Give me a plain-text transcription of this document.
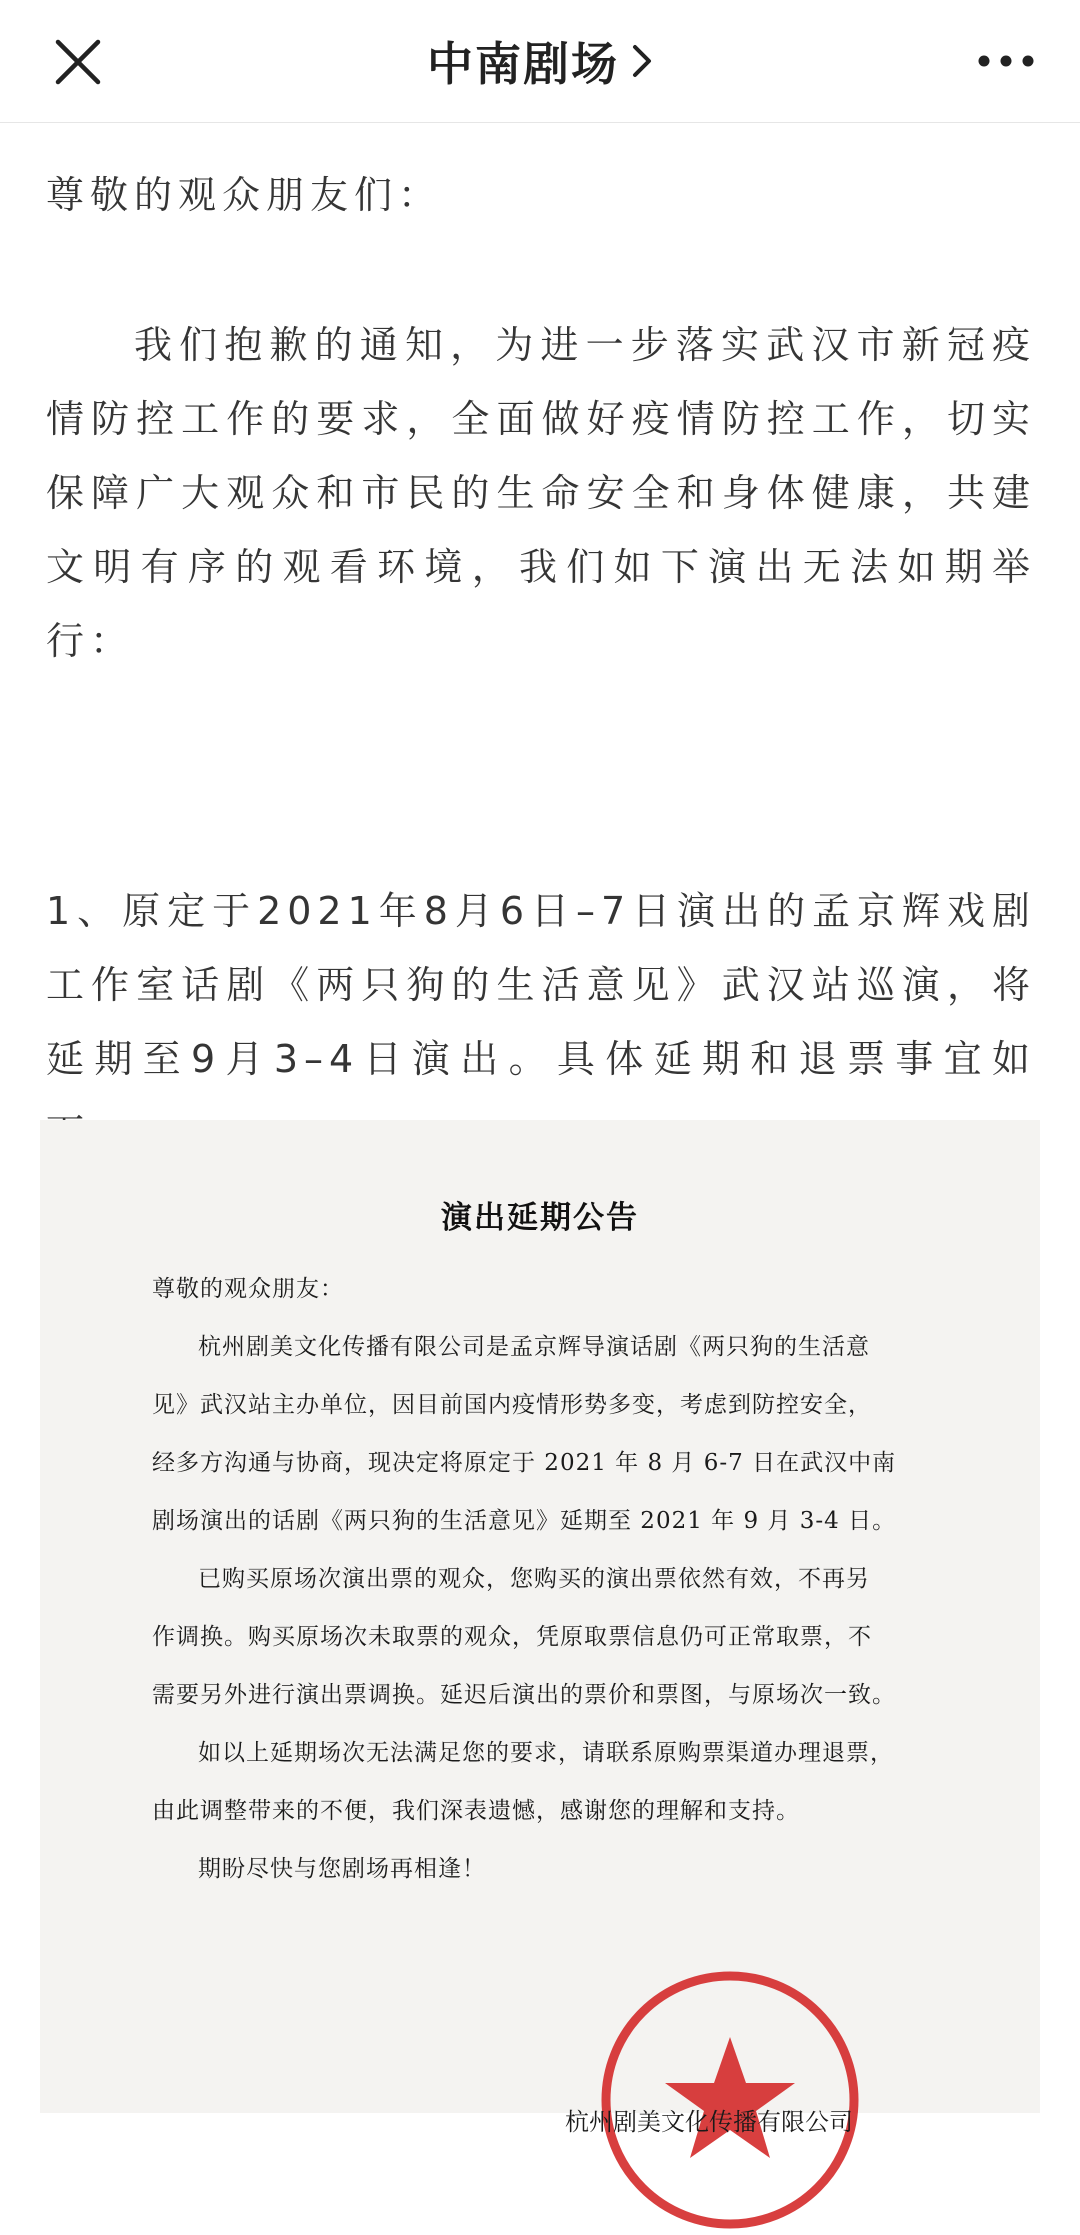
中南剧场

尊敬的观众朋友们：

我们抱歉的通知，为进一步落实武汉市新冠疫情防控工作的要求，全面做好疫情防控工作，切实保障广大观众和市民的生命安全和身体健康，共建文明有序的观看环境，我们如下演出无法如期举行：

1、原定于2021年8月6日–7日演出的孟京辉戏剧工作室话剧《两只狗的生活意见》武汉站巡演，将延期至9月3–4日演出。具体延期和退票事宜如

演出延期公告
尊敬的观众朋友：
杭州剧美文化传播有限公司是孟京辉导演话剧《两只狗的生活意
见》武汉站主办单位，因目前国内疫情形势多变，考虑到防控安全，
经多方沟通与协商，现决定将原定于 2021 年 8 月 6-7 日在武汉中南
剧场演出的话剧《两只狗的生活意见》延期至 2021 年 9 月 3-4 日。
已购买原场次演出票的观众，您购买的演出票依然有效，不再另
作调换。购买原场次未取票的观众，凭原取票信息仍可正常取票，不
需要另外进行演出票调换。延迟后演出的票价和票图，与原场次一致。
如以上延期场次无法满足您的要求，请联系原购票渠道办理退票，
由此调整带来的不便，我们深表遗憾，感谢您的理解和支持。
期盼尽快与您剧场再相逢！
杭州剧美文化传播有限公司
